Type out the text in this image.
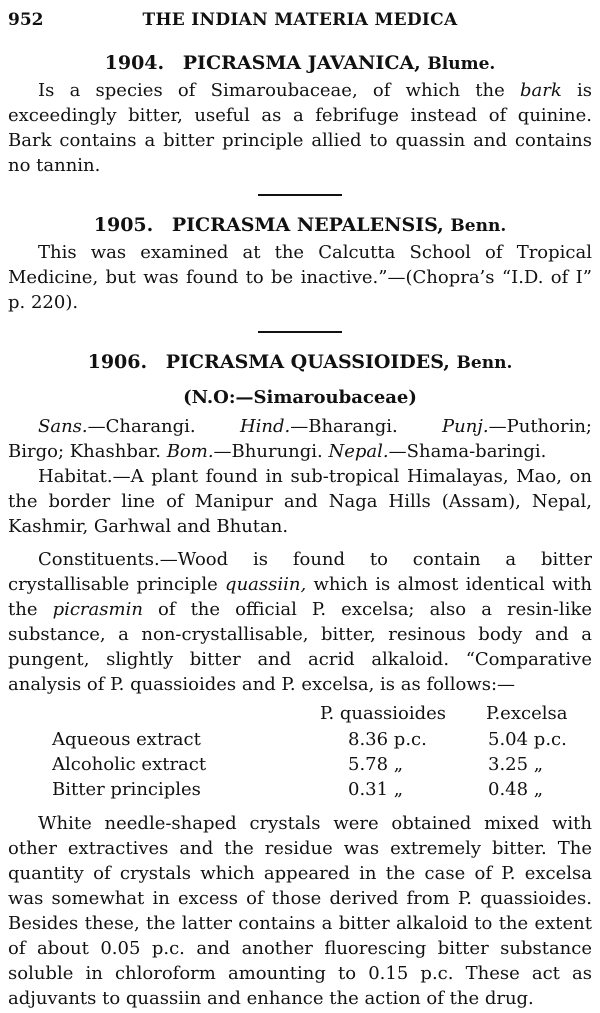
952	THE INDIAN MATERIA MEDICA
1904. PICRASMA JAVANICA, Blume.

Is a species of Simaroubaceae, of which the bark is exceedingly bitter, useful as a febrifuge instead of quinine. Bark contains a bitter principle allied to quassin and contains no tannin.

1905. PICRASMA NEPALENSIS, Benn.

This was examined at the Calcutta School of Tropical Medicine, but was found to be inactive.”—(Chopra’s “I.D. of I” p. 220).

1906. PICRASMA QUASSIOIDES, Benn.
(N.O:—Simaroubaceae)

Sans.—Charangi. Hind.—Bharangi. Punj.—Puthorin; Birgo; Khashbar. Bom.—Bhurungi. Nepal.—Shama-baringi.

Habitat.—A plant found in sub-tropical Himalayas, Mao, on the border line of Manipur and Naga Hills (Assam), Nepal, Kashmir, Garhwal and Bhutan.

Constituents.—Wood is found to contain a bitter crystallisable principle quassiin, which is almost identical with the picrasmin of the official P. excelsa; also a resin-like substance, a non-crystallisable, bitter, resinous body and a pungent, slightly bitter and acrid alkaloid. “Comparative analysis of P. quassioides and P. excelsa, is as follows:—

P. quassioides P.excelsa
Aqueous extract	8.36 p.c.	5.04 p.c.
Alcoholic extract	5.78 „	3.25 „
Bitter principles	0.31 „	0.48 „

White needle-shaped crystals were obtained mixed with other extractives and the residue was extremely bitter. The quantity of crystals which appeared in the case of P. excelsa was somewhat in excess of those derived from P. quassioides. Besides these, the latter contains a bitter alkaloid to the extent of about 0.05 p.c. and another fluorescing bitter substance soluble in chloroform amounting to 0.15 p.c. These act as adjuvants to quassiin and enhance the action of the drug.
